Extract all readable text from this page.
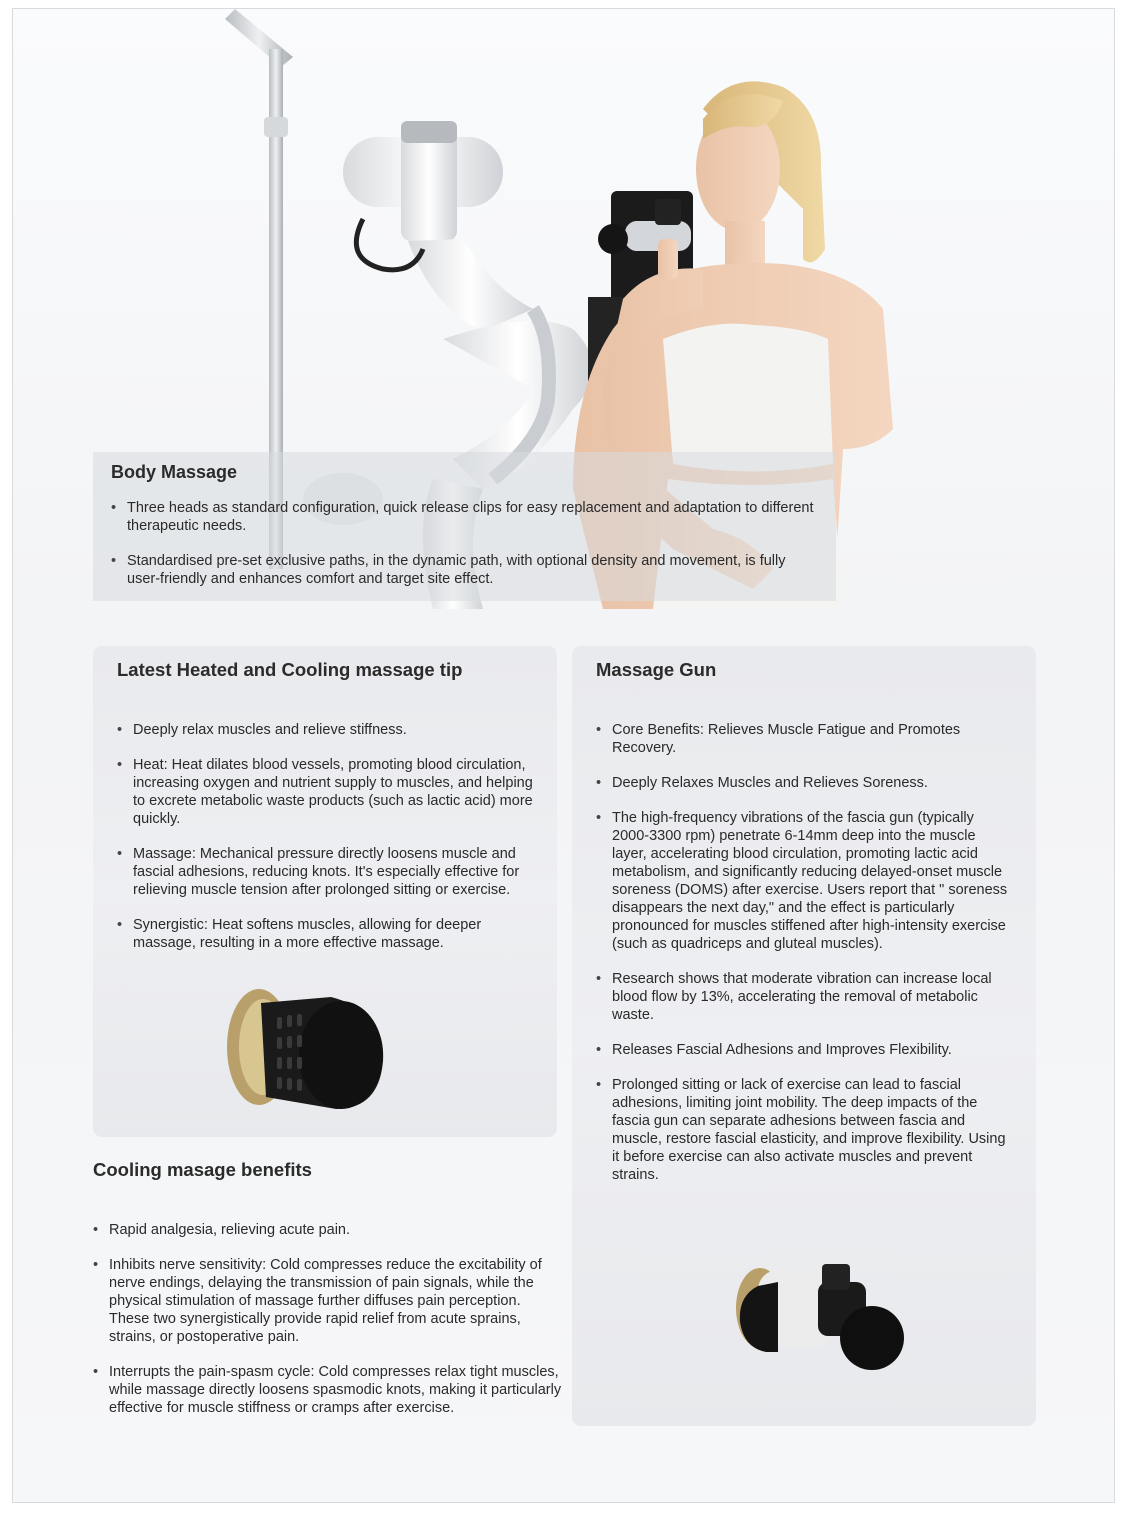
Body Massage
• Three heads as standard configuration, quick release clips for easy replacement and adaptation to different therapeutic needs.
• Standardised pre-set exclusive paths, in the dynamic path, with optional density and movement, is fully user-friendly and enhances comfort and target site effect.
Latest Heated and Cooling massage tip
• Deeply relax muscles and relieve stiffness.
• Heat: Heat dilates blood vessels, promoting blood circulation, increasing oxygen and nutrient supply to muscles, and helping to excrete metabolic waste products (such as lactic acid) more quickly.
• Massage: Mechanical pressure directly loosens muscle and fascial adhesions, reducing knots. It's especially effective for relieving muscle tension after prolonged sitting or exercise.
• Synergistic: Heat softens muscles, allowing for deeper massage, resulting in a more effective massage.
Cooling masage benefits
• Rapid analgesia, relieving acute pain.
• Inhibits nerve sensitivity: Cold compresses reduce the excitability of nerve endings, delaying the transmission of pain signals, while the physical stimulation of massage further diffuses pain perception. These two synergistically provide rapid relief from acute sprains, strains, or postoperative pain.
• Interrupts the pain-spasm cycle: Cold compresses relax tight muscles, while massage directly loosens spasmodic knots, making it particularly effective for muscle stiffness or cramps after exercise.
Massage Gun
• Core Benefits: Relieves Muscle Fatigue and Promotes Recovery.
• Deeply Relaxes Muscles and Relieves Soreness.
• The high-frequency vibrations of the fascia gun (typically 2000-3300 rpm) penetrate 6-14mm deep into the muscle layer, accelerating blood circulation, promoting lactic acid metabolism, and significantly reducing delayed-onset muscle soreness (DOMS) after exercise. Users report that " soreness disappears the next day," and the effect is particularly pronounced for muscles stiffened after high-intensity exercise (such as quadriceps and gluteal muscles).
• Research shows that moderate vibration can increase local blood flow by 13%, accelerating the removal of metabolic waste.
• Releases Fascial Adhesions and Improves Flexibility.
• Prolonged sitting or lack of exercise can lead to fascial adhesions, limiting joint mobility. The deep impacts of the fascia gun can separate adhesions between fascia and muscle, restore fascial elasticity, and improve flexibility. Using it before exercise can also activate muscles and prevent strains.
